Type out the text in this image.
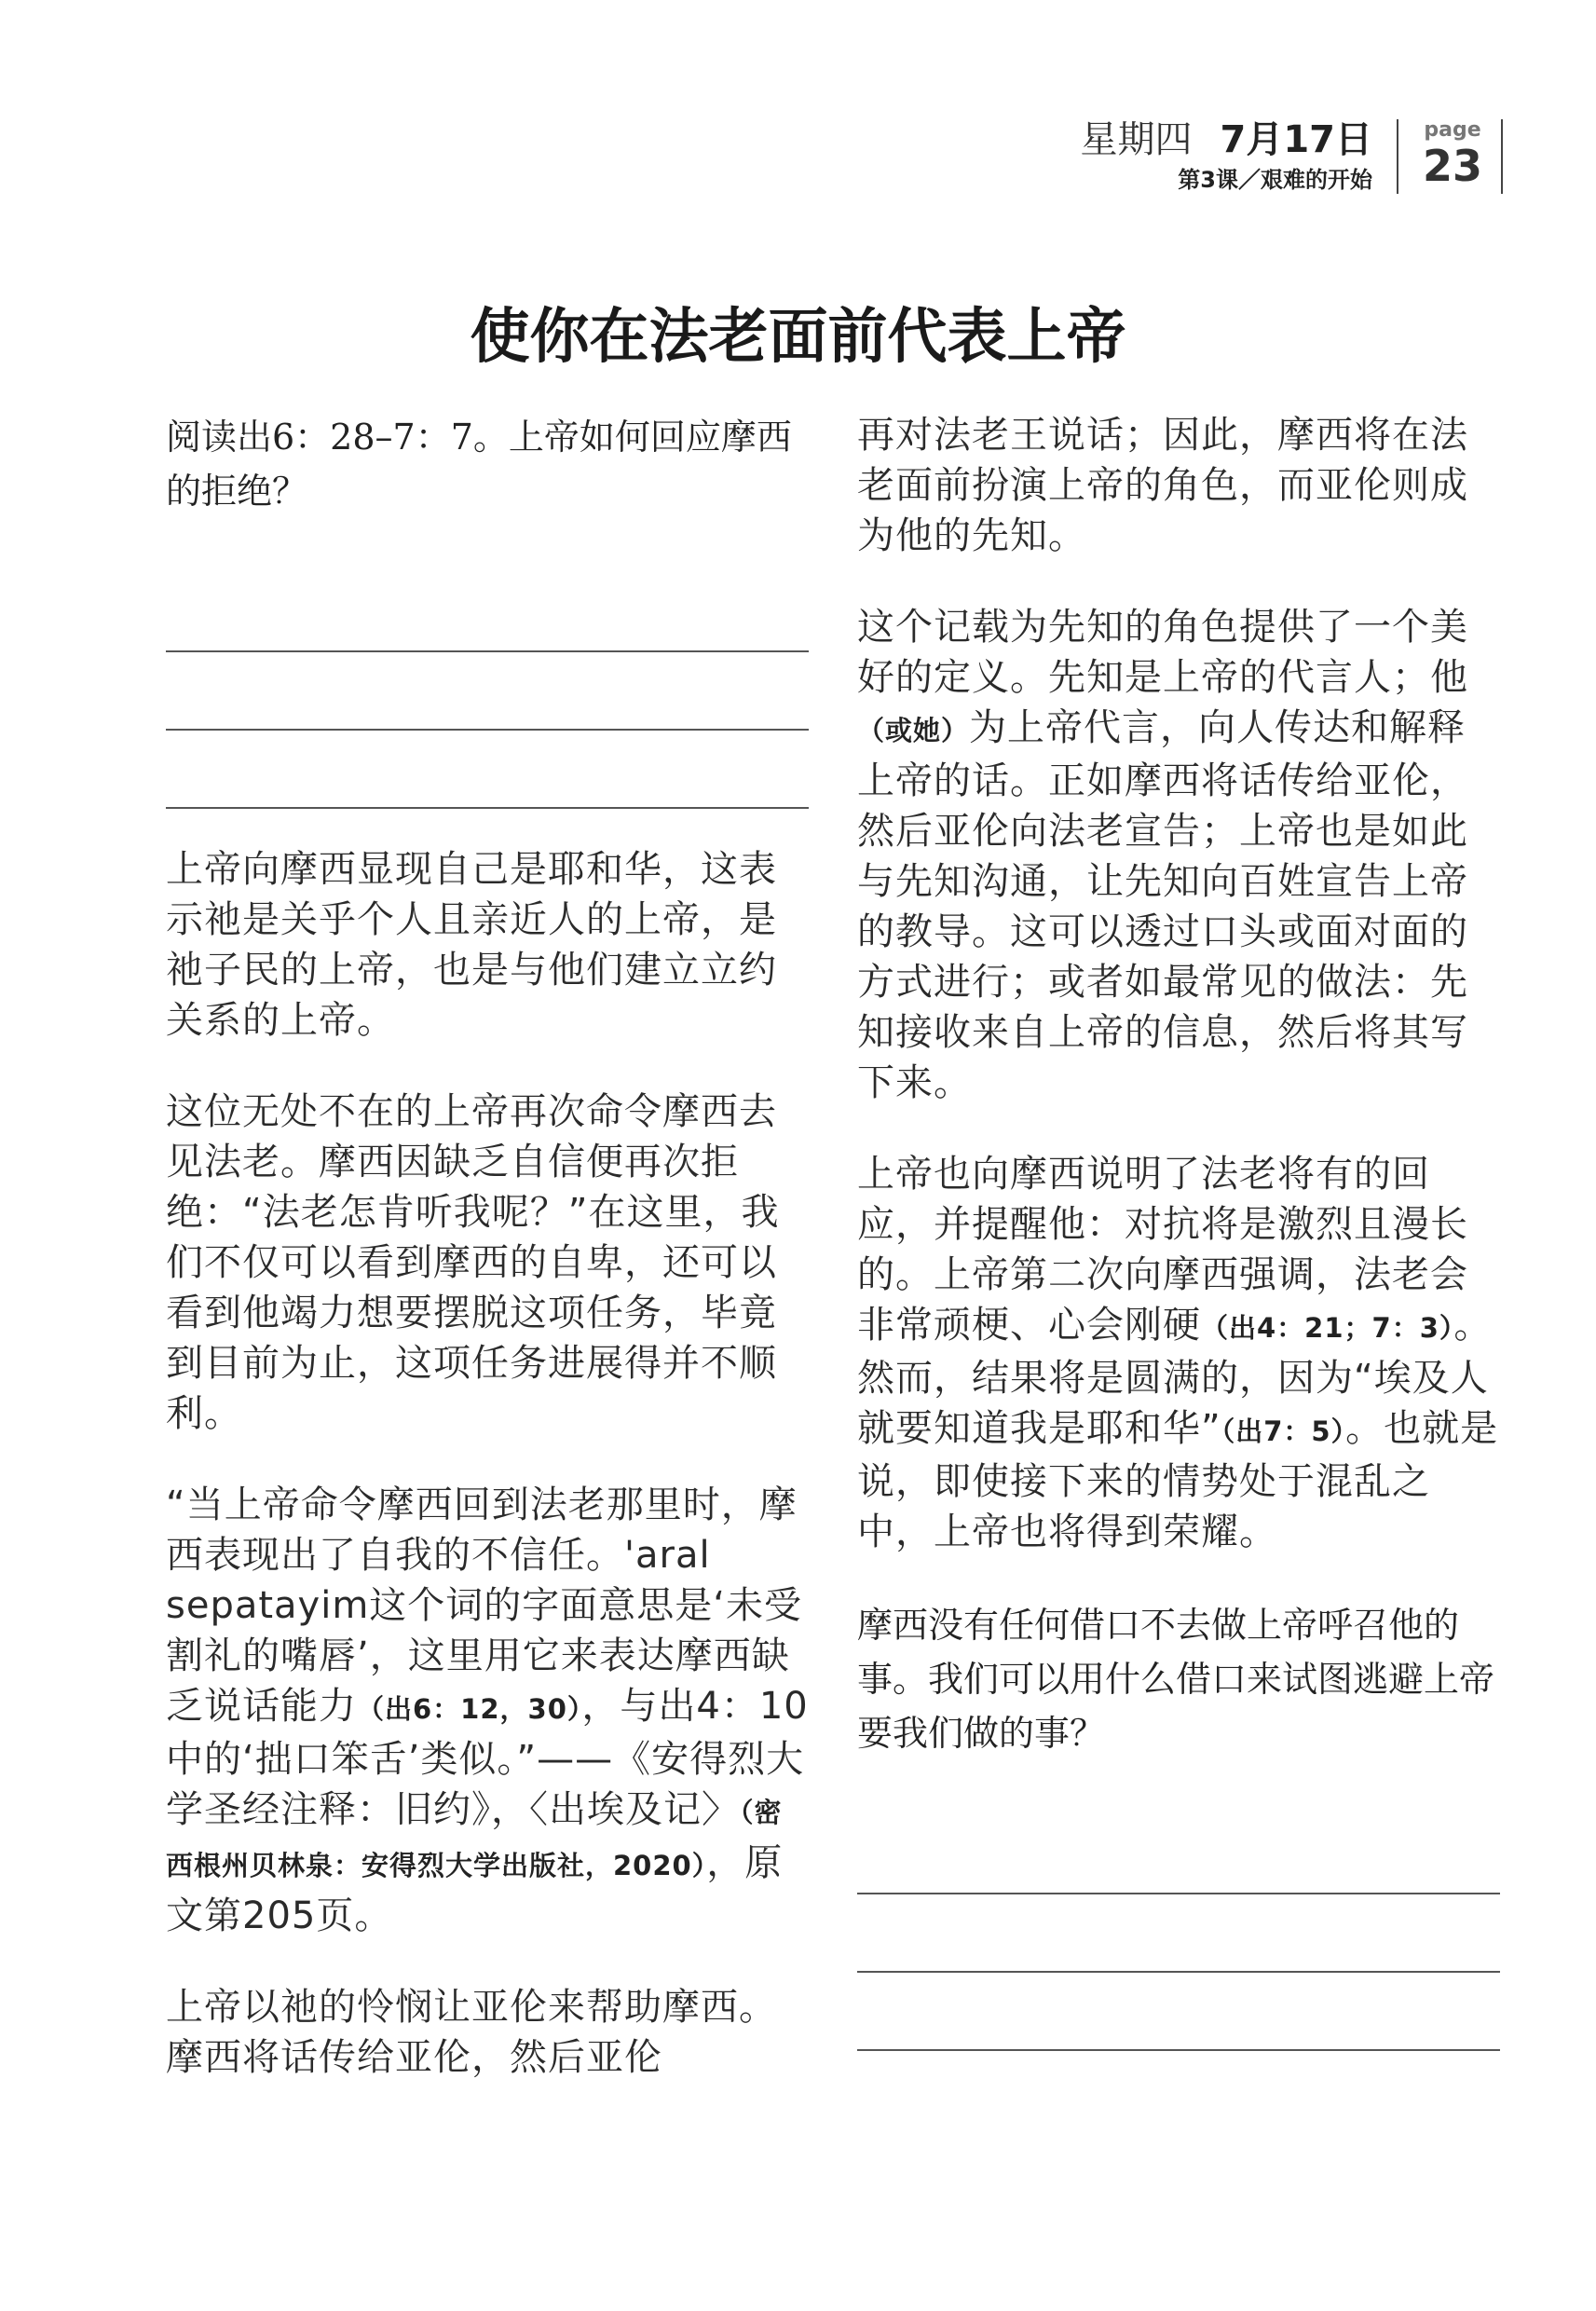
星期四 7月17日
第3课／艰难的开始
page
23
使你在法老面前代表上帝

阅读出6：28–7：7。上帝如何回应摩西的拒绝？

上帝向摩西显现自己是耶和华，这表示祂是关乎个人且亲近人的上帝，是祂子民的上帝，也是与他们建立立约关系的上帝。

这位无处不在的上帝再次命令摩西去见法老。摩西因缺乏自信便再次拒绝：“法老怎肯听我呢？”在这里，我们不仅可以看到摩西的自卑，还可以看到他竭力想要摆脱这项任务，毕竟到目前为止，这项任务进展得并不顺利。

“当上帝命令摩西回到法老那里时，摩西表现出了自我的不信任。'aral sepatayim这个词的字面意思是‘未受割礼的嘴唇’，这里用它来表达摩西缺乏说话能力（出6：12，30），与出4：10中的‘拙口笨舌’类似。”——《安得烈大学圣经注释：旧约》，〈出埃及记〉（密西根州贝林泉：安得烈大学出版社，2020），原文第205页。

上帝以祂的怜悯让亚伦来帮助摩西。摩西将话传给亚伦，然后亚伦

再对法老王说话；因此，摩西将在法老面前扮演上帝的角色，而亚伦则成为他的先知。

这个记载为先知的角色提供了一个美好的定义。先知是上帝的代言人；他（或她）为上帝代言，向人传达和解释上帝的话。正如摩西将话传给亚伦，然后亚伦向法老宣告；上帝也是如此与先知沟通，让先知向百姓宣告上帝的教导。这可以透过口头或面对面的方式进行；或者如最常见的做法：先知接收来自上帝的信息，然后将其写下来。

上帝也向摩西说明了法老将有的回应，并提醒他：对抗将是激烈且漫长的。上帝第二次向摩西强调，法老会非常顽梗、心会刚硬（出4：21；7：3）。然而，结果将是圆满的，因为“埃及人就要知道我是耶和华”（出7：5）。也就是说，即使接下来的情势处于混乱之中，上帝也将得到荣耀。

摩西没有任何借口不去做上帝呼召他的事。我们可以用什么借口来试图逃避上帝要我们做的事？
